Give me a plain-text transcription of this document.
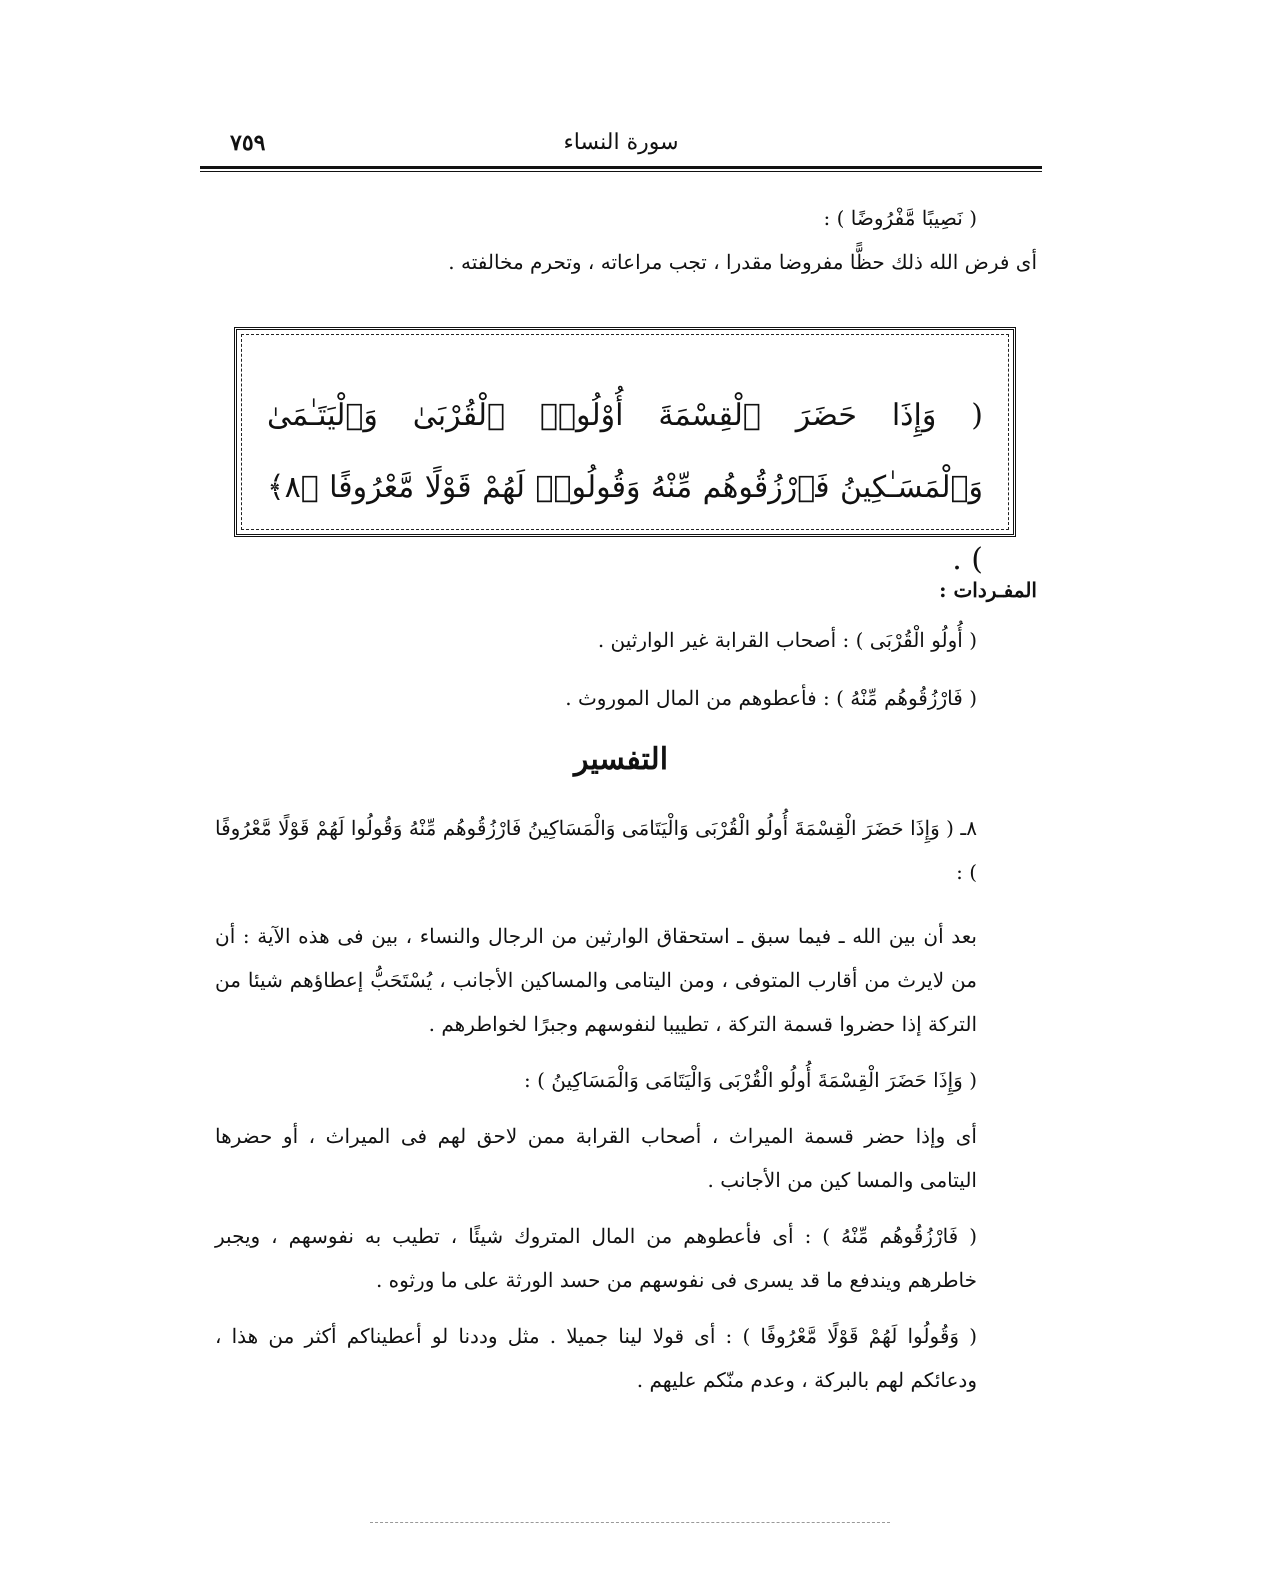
سورة النساء
٧٥٩

( نَصِيبًا مَّفْرُوضًا ) :

أى فرض الله ذلك حظًّا مفروضا مقدرا ، تجب مراعاته ، وتحرم مخالفته .

( وَإِذَا حَضَرَ ٱلْقِسْمَةَ أُوْلُوا۟ ٱلْقُرْبَىٰ وَٱلْيَتَـٰمَىٰ وَٱلْمَسَـٰكِينُ فَٱرْزُقُوهُم مِّنْهُ وَقُولُوا۟ لَهُمْ قَوْلًا مَّعْرُوفًا ﴿٨﴾ ) .

المفـردات :

( أُولُو الْقُرْبَى ) : أصحاب القرابة غير الوارثين .

( فَارْزُقُوهُم مِّنْهُ ) : فأعطوهم من المال الموروث .

التفسير

٨ـ ( وَإِذَا حَضَرَ الْقِسْمَةَ أُولُو الْقُرْبَى وَالْيَتَامَى وَالْمَسَاكِينُ فَارْزُقُوهُم مِّنْهُ وَقُولُوا لَهُمْ قَوْلًا مَّعْرُوفًا ) :

بعد أن بين الله ـ فيما سبق ـ استحقاق الوارثين من الرجال والنساء ، بين فى هذه الآية : أن من لايرث من أقارب المتوفى ، ومن اليتامى والمساكين الأجانب ، يُسْتَحَبُّ إعطاؤهم شيئا من التركة إذا حضروا قسمة التركة ، تطييبا لنفوسهم وجبرًا لخواطرهم .

( وَإِذَا حَضَرَ الْقِسْمَةَ أُولُو الْقُرْبَى وَالْيَتَامَى وَالْمَسَاكِينُ ) :

أى وإذا حضر قسمة الميراث ، أصحاب القرابة ممن لاحق لهم فى الميراث ، أو حضرها اليتامى والمسا كين من الأجانب .

( فَارْزُقُوهُم مِّنْهُ ) : أى فأعطوهم من المال المتروك شيئًا ، تطيب به نفوسهم ، ويجبر خاطرهم ويندفع ما قد يسرى فى نفوسهم من حسد الورثة على ما ورثوه .

( وَقُولُوا لَهُمْ قَوْلًا مَّعْرُوفًا ) : أى قولا لينا جميلا . مثل وددنا لو أعطيناكم أكثر من هذا ، ودعائكم لهم بالبركة ، وعدم منّكم عليهم .
